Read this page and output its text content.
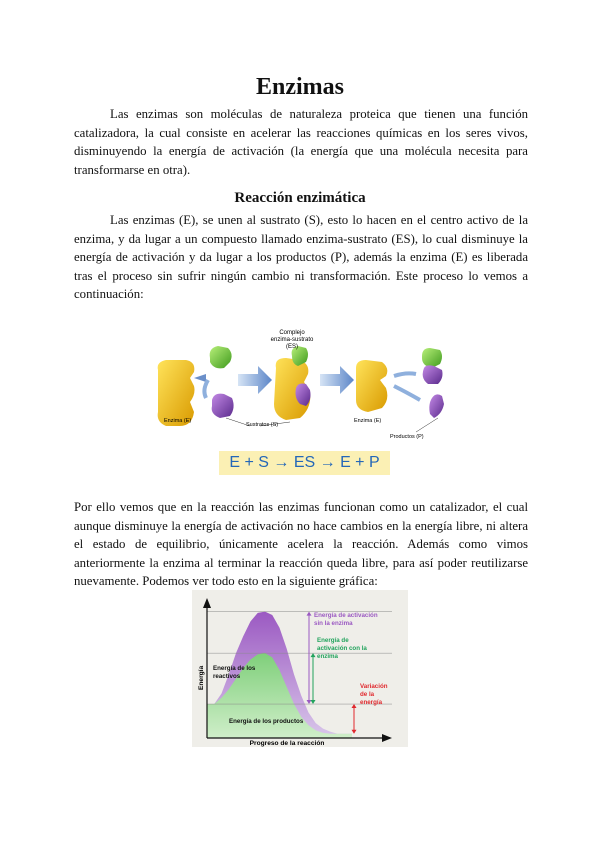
Enzimas

Las enzimas son moléculas de naturaleza proteica que tienen una función catalizadora, la cual consiste en acelerar las reacciones químicas en los seres vivos, disminuyendo la energía de activación (la energía que una molécula necesita para transformarse en otra).

Reacción enzimática

Las enzimas (E), se unen al sustrato (S), esto lo hacen en el centro activo de la enzima, y da lugar a un compuesto llamado enzima-sustrato (ES), lo cual disminuye la energía de activación y da lugar a los productos (P), además la enzima (E) es liberada tras el proceso sin sufrir ningún cambio ni transformación. Este proceso lo vemos a continuación:

Complejo
enzima-sustrato
(ES)
Enzima (E)
Sustratos (S)
Enzima (E)
Productos (P)
E + S → ES → E + P

Por ello vemos que en la reacción las enzimas funcionan como un catalizador, el cual aunque disminuye la energía de activación no hace cambios en la energía libre, ni altera el estado de equilibrio, únicamente acelera la reacción. Además como vimos anteriormente la enzima al terminar la reacción queda libre, para así poder reutilizarse nuevamente. Podemos ver todo esto en la siguiente gráfica:

Progreso de la reacción
Energía
Energía de activación
sin la enzima
Energía de
activación con la
enzima
Energía de los
reactivos
Variación
de la
energía
Energía de los productos
